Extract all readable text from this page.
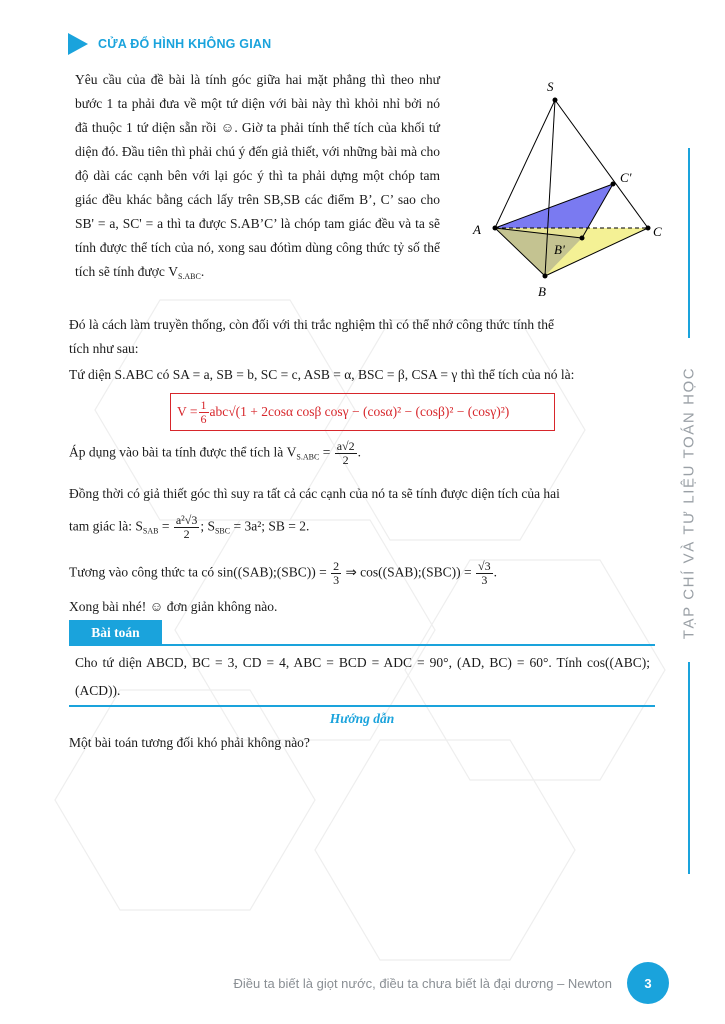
CỬA ĐỔ HÌNH KHÔNG GIAN
TẠP CHÍ VÀ TƯ LIỆU TOÁN HỌC
S
A	C
B
C'
B'
Yêu cầu của đề bài là tính góc giữa hai mặt phẳng thì theo như bước 1 ta phải đưa về một tứ diện với bài này thì khỏi nhỉ bởi nó đã thuộc 1 tứ diện sẵn rồi ☺. Giờ ta phải tính thể tích của khối tứ diện đó. Đầu tiên thì phải chú ý đến giả thiết, với những bài mà cho độ dài các cạnh bên với lại góc ý thì ta phải dựng một chóp tam giác đều khác bằng cách lấy trên SB,SB các điểm B’, C’ sao cho SB' = a, SC' = a thì ta được S.AB’C’ là chóp tam giác đều và ta sẽ tính được thể tích của nó, xong sau đótìm dùng công thức tỷ số thể tích sẽ tính được $V_{S.ABC}$.
Đó là cách làm truyền thống, còn đối với thi trắc nghiệm thì có thể nhớ công thức tính thể
tích như sau:
Tứ diện S.ABC có SA = a, SB = b, SC = c, ASB = α, BSC = β, CSA = γ thì thể tích của nó là:
$V = \frac{1}{6} abc√(1 + 2\cos\alpha$ cosβ cosγ − (cosα)² − (cosβ)² − (cosγ)²)
Áp dụng vào bài ta tính được thể tích là $V_{S.ABC} = \frac{a√2}{2}$ .
Đồng thời có giả thiết góc thì suy ra tất cả các cạnh của nó ta sẽ tính được diện tích của hai
tam giác là: $S_{SAB} = \frac{\text{a²√3}}{2}$ ; $S_{SBC} = 3a^2$; SB = 2.
Tương vào công thức ta có sin((SAB);(SBC)) = $\frac{2}{3}$ ⇒ cos((SAB);(SBC)) = $\frac{√3}{3}$ .
Xong bài nhé! ☺ đơn giản không nào.
Bài toán
Cho tứ diện ABCD, BC = 3, CD = 4, ABC = BCD = ADC = 90°, (AD, BC) = 60°. Tính cos((ABC);(ACD)).
Hướng dẫn
Một bài toán tương đối khó phải không nào?
Điều ta biết là giọt nước, điều ta chưa biết là đại dương – Newton	3
